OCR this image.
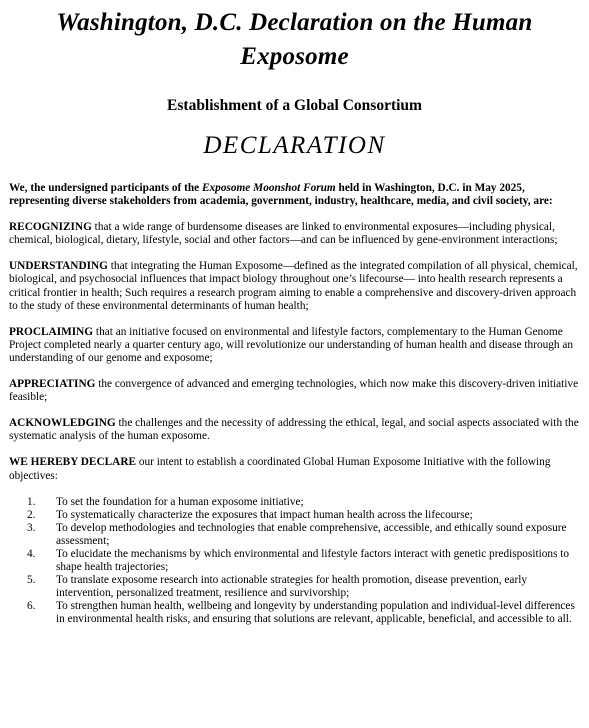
Washington, D.C. Declaration on the Human Exposome
Establishment of a Global Consortium
DECLARATION

We, the undersigned participants of the Exposome Moonshot Forum held in Washington, D.C. in May 2025, representing diverse stakeholders from academia, government, industry, healthcare, media, and civil society, are:

RECOGNIZING that a wide range of burdensome diseases are linked to environmental exposures—including physical, chemical, biological, dietary, lifestyle, social and other factors—and can be influenced by gene-environment interactions;

UNDERSTANDING that integrating the Human Exposome—defined as the integrated compilation of all physical, chemical, biological, and psychosocial influences that impact biology throughout one’s lifecourse— into health research represents a critical frontier in health; Such requires a research program aiming to enable a comprehensive and discovery-driven approach to the study of these environmental determinants of human health;

PROCLAIMING that an initiative focused on environmental and lifestyle factors, complementary to the Human Genome Project completed nearly a quarter century ago, will revolutionize our understanding of human health and disease through an understanding of our genome and exposome;

APPRECIATING the convergence of advanced and emerging technologies, which now make this discovery-driven initiative feasible;

ACKNOWLEDGING the challenges and the necessity of addressing the ethical, legal, and social aspects associated with the systematic analysis of the human exposome.

WE HEREBY DECLARE our intent to establish a coordinated Global Human Exposome Initiative with the following objectives:

1. To set the foundation for a human exposome initiative;
2. To systematically characterize the exposures that impact human health across the lifecourse;
3. To develop methodologies and technologies that enable comprehensive, accessible, and ethically sound exposure assessment;
4. To elucidate the mechanisms by which environmental and lifestyle factors interact with genetic predispositions to shape health trajectories;
5. To translate exposome research into actionable strategies for health promotion, disease prevention, early intervention, personalized treatment, resilience and survivorship;
6. To strengthen human health, wellbeing and longevity by understanding population and individual-level differences in environmental health risks, and ensuring that solutions are relevant, applicable, beneficial, and accessible to all.
